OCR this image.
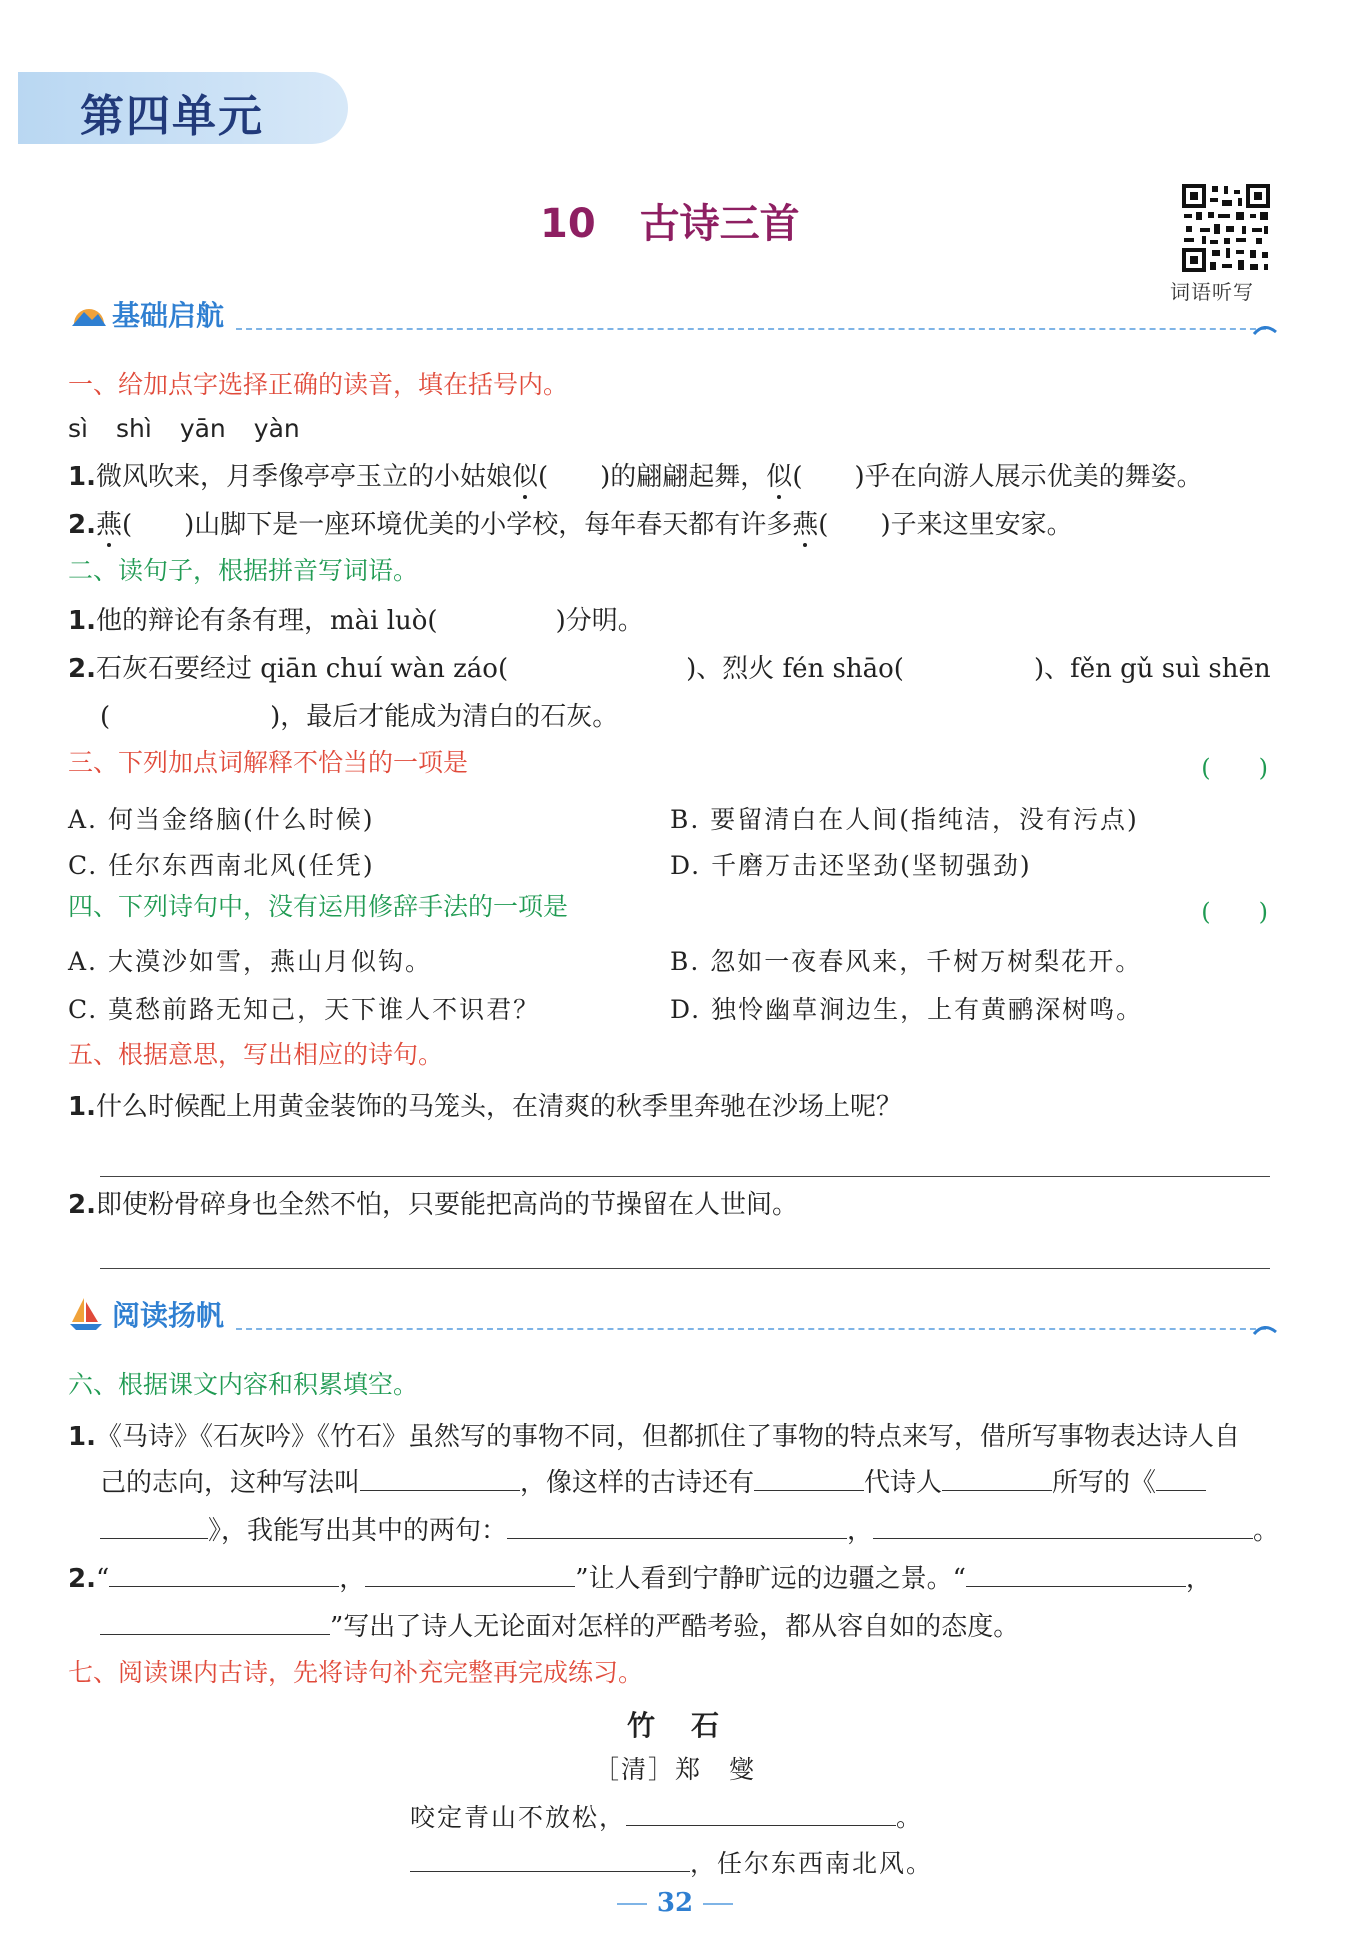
第四单元
10 古诗三首
词语听写
基础启航
一、给加点字选择正确的读音，填在括号内。
sì shì yān yàn
1.微风吹来，月季像亭亭玉立的小姑娘似(　　)的翩翩起舞，似(　　)乎在向游人展示优美的舞姿。
2.燕(　　)山脚下是一座环境优美的小学校，每年春天都有许多燕(　　)子来这里安家。
二、读句子，根据拼音写词语。
1.他的辩论有条有理，mài luò(	)分明。
2.石灰石要经过 qiān chuí wàn záo(	)、烈火 fén shāo(	)、fěn gǔ suì shēn
(	)，最后才能成为清白的石灰。
三、下列加点词解释不恰当的一项是	(　　)
A. 何当金络脑(什么时候)	B. 要留清白在人间(指纯洁，没有污点)
C. 任尔东西南北风(任凭)	D. 千磨万击还坚劲(坚韧强劲)
四、下列诗句中，没有运用修辞手法的一项是	(　　)
A. 大漠沙如雪，燕山月似钩。	B. 忽如一夜春风来，千树万树梨花开。
C. 莫愁前路无知己，天下谁人不识君？	D. 独怜幽草涧边生，上有黄鹂深树鸣。
五、根据意思，写出相应的诗句。
1.什么时候配上用黄金装饰的马笼头，在清爽的秋季里奔驰在沙场上呢？
2.即使粉骨碎身也全然不怕，只要能把高尚的节操留在人世间。
阅读扬帆
六、根据课文内容和积累填空。
1.《马诗》《石灰吟》《竹石》虽然写的事物不同，但都抓住了事物的特点来写，借所写事物表达诗人自
己的志向，这种写法叫	，像这样的古诗还有	代诗人	所写的《
》，我能写出其中的两句：	，	。
2.“	，	”让人看到宁静旷远的边疆之景。“	，
”写出了诗人无论面对怎样的严酷考验，都从容自如的态度。
七、阅读课内古诗，先将诗句补充完整再完成练习。
竹　石
［清］郑　燮
咬定青山不放松，	。
，任尔东西南北风。
32
